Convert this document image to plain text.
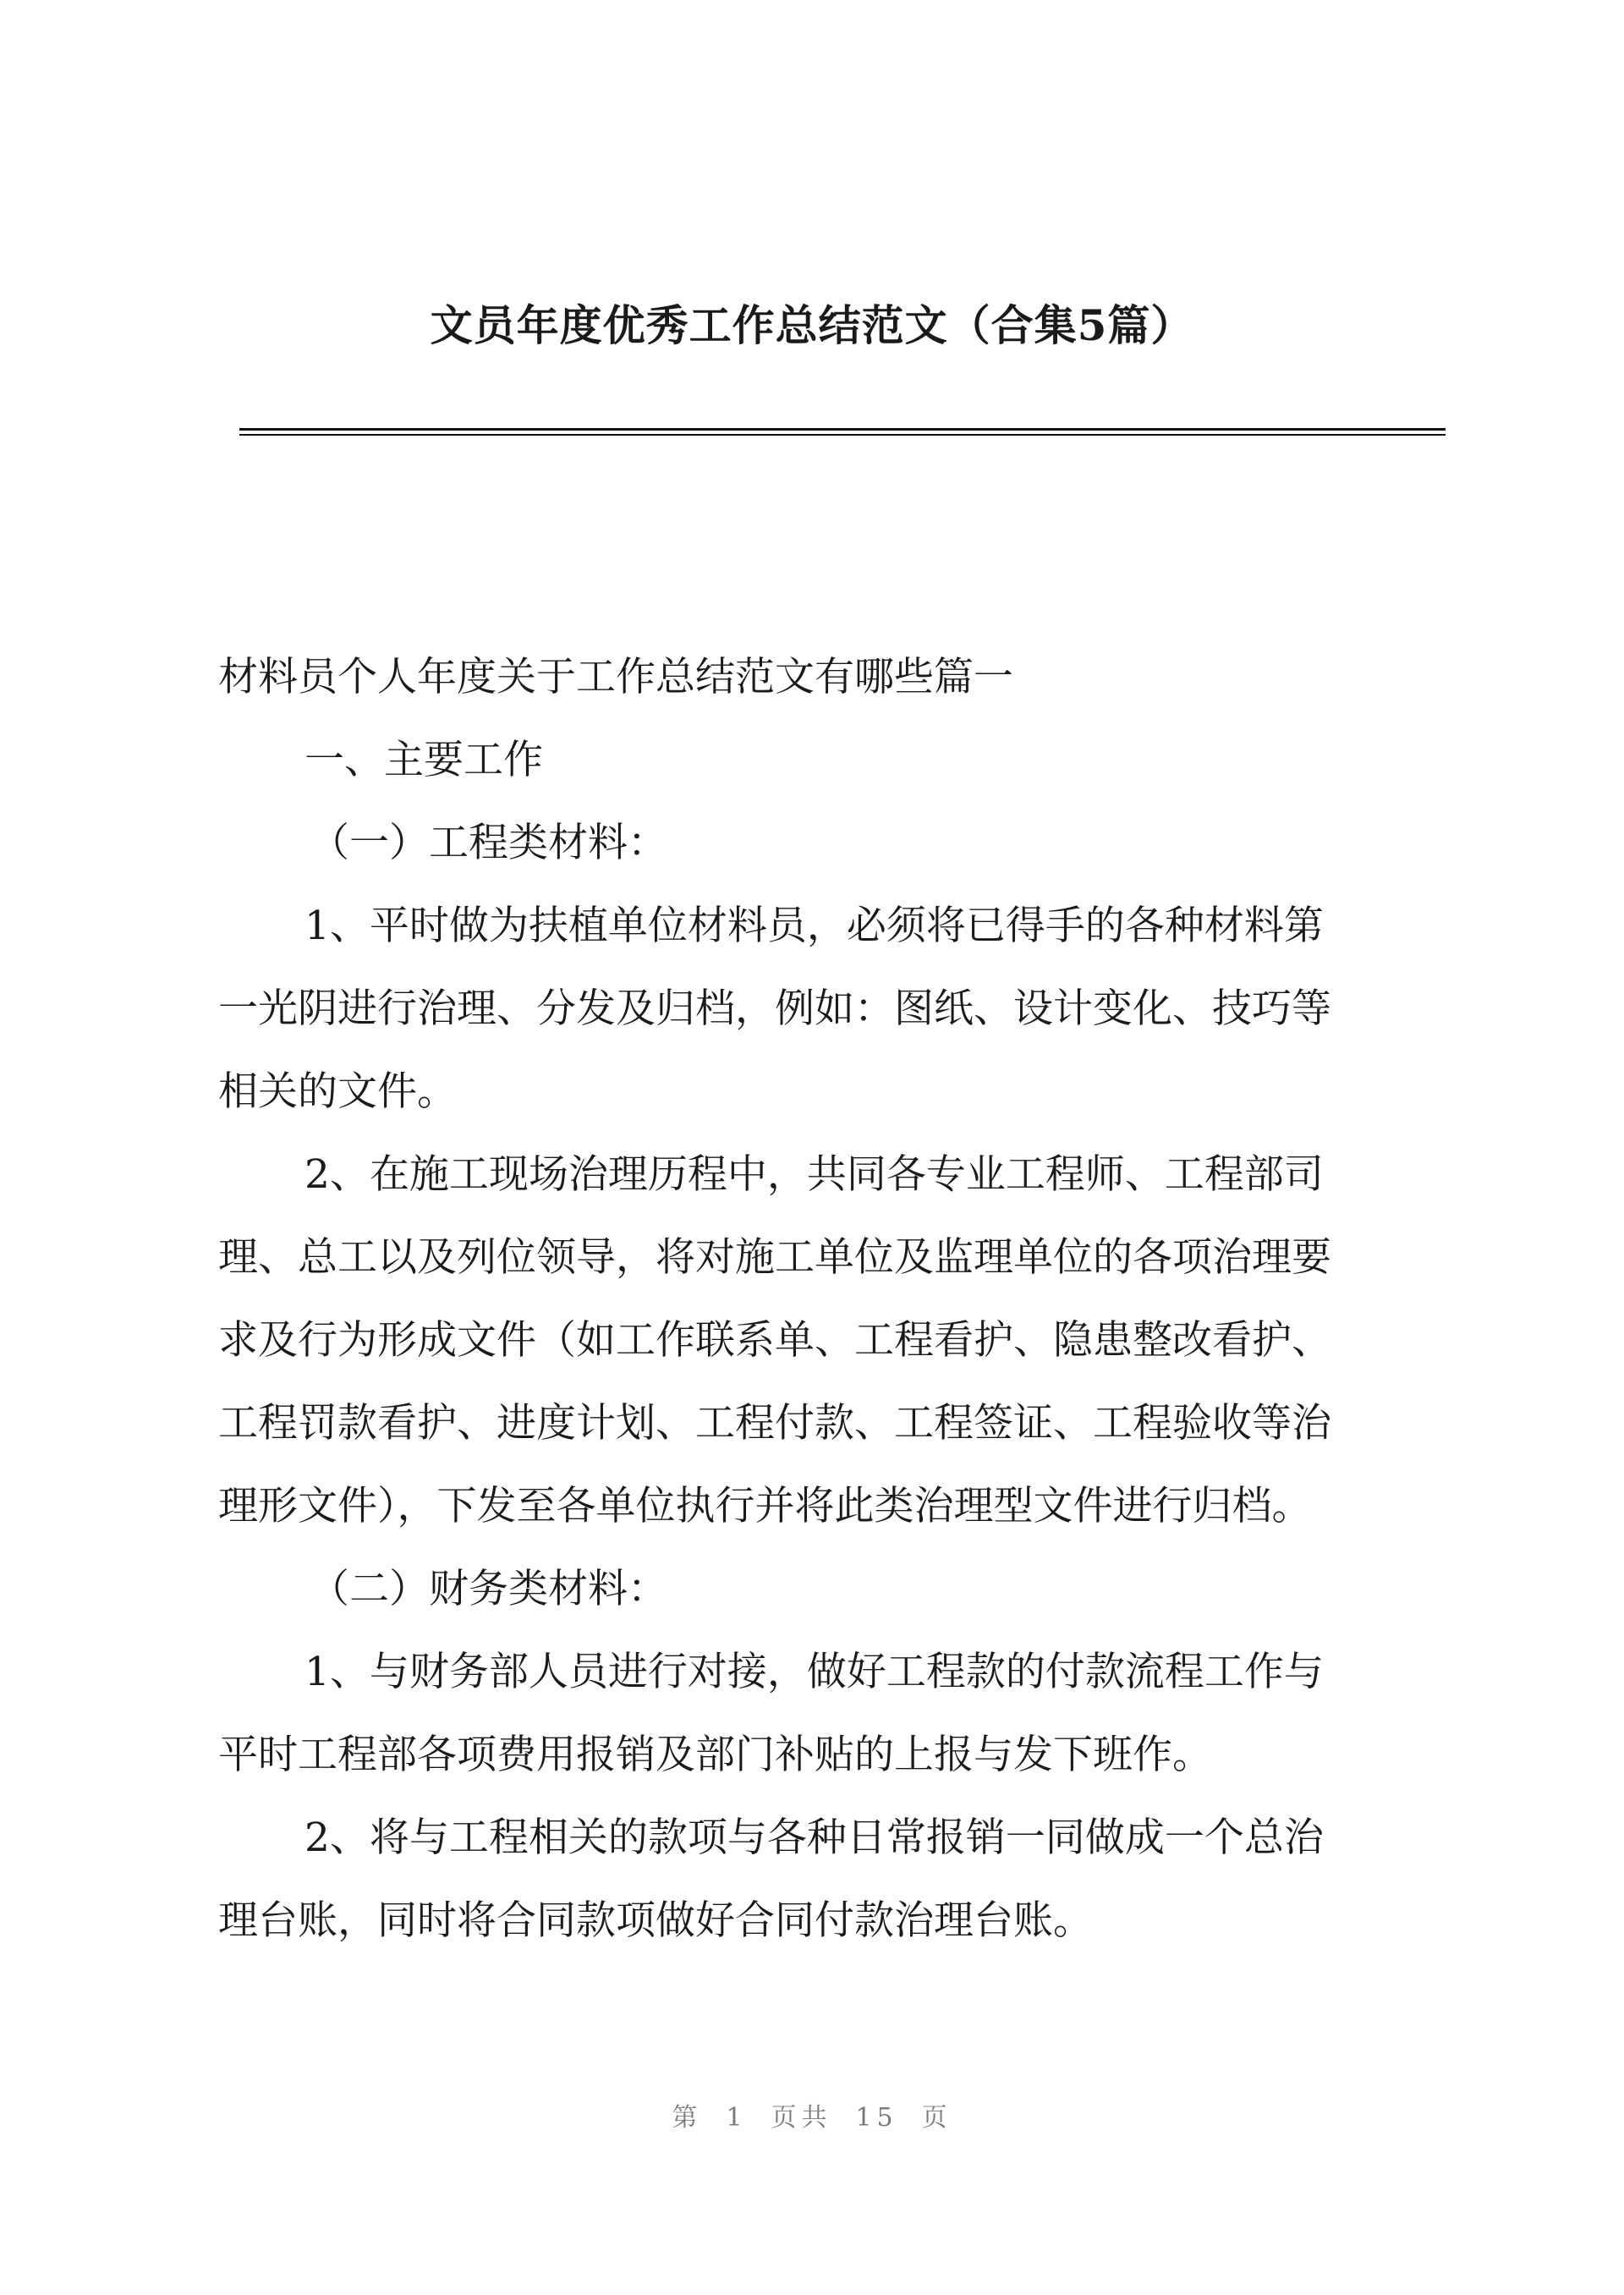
文员年度优秀工作总结范文（合集5篇）

材料员个人年度关于工作总结范文有哪些篇一

一、主要工作

（一）工程类材料：

1、平时做为扶植单位材料员，必须将已得手的各种材料第

一光阴进行治理、分发及归档，例如：图纸、设计变化、技巧等

相关的文件。

2、在施工现场治理历程中，共同各专业工程师、工程部司

理、总工以及列位领导，将对施工单位及监理单位的各项治理要

求及行为形成文件（如工作联系单、工程看护、隐患整改看护、

工程罚款看护、进度计划、工程付款、工程签证、工程验收等治

理形文件），下发至各单位执行并将此类治理型文件进行归档。

（二）财务类材料：

1、与财务部人员进行对接，做好工程款的付款流程工作与

平时工程部各项费用报销及部门补贴的上报与发下班作。

2、将与工程相关的款项与各种日常报销一同做成一个总治

理台账，同时将合同款项做好合同付款治理台账。

第 1 页共 15 页
